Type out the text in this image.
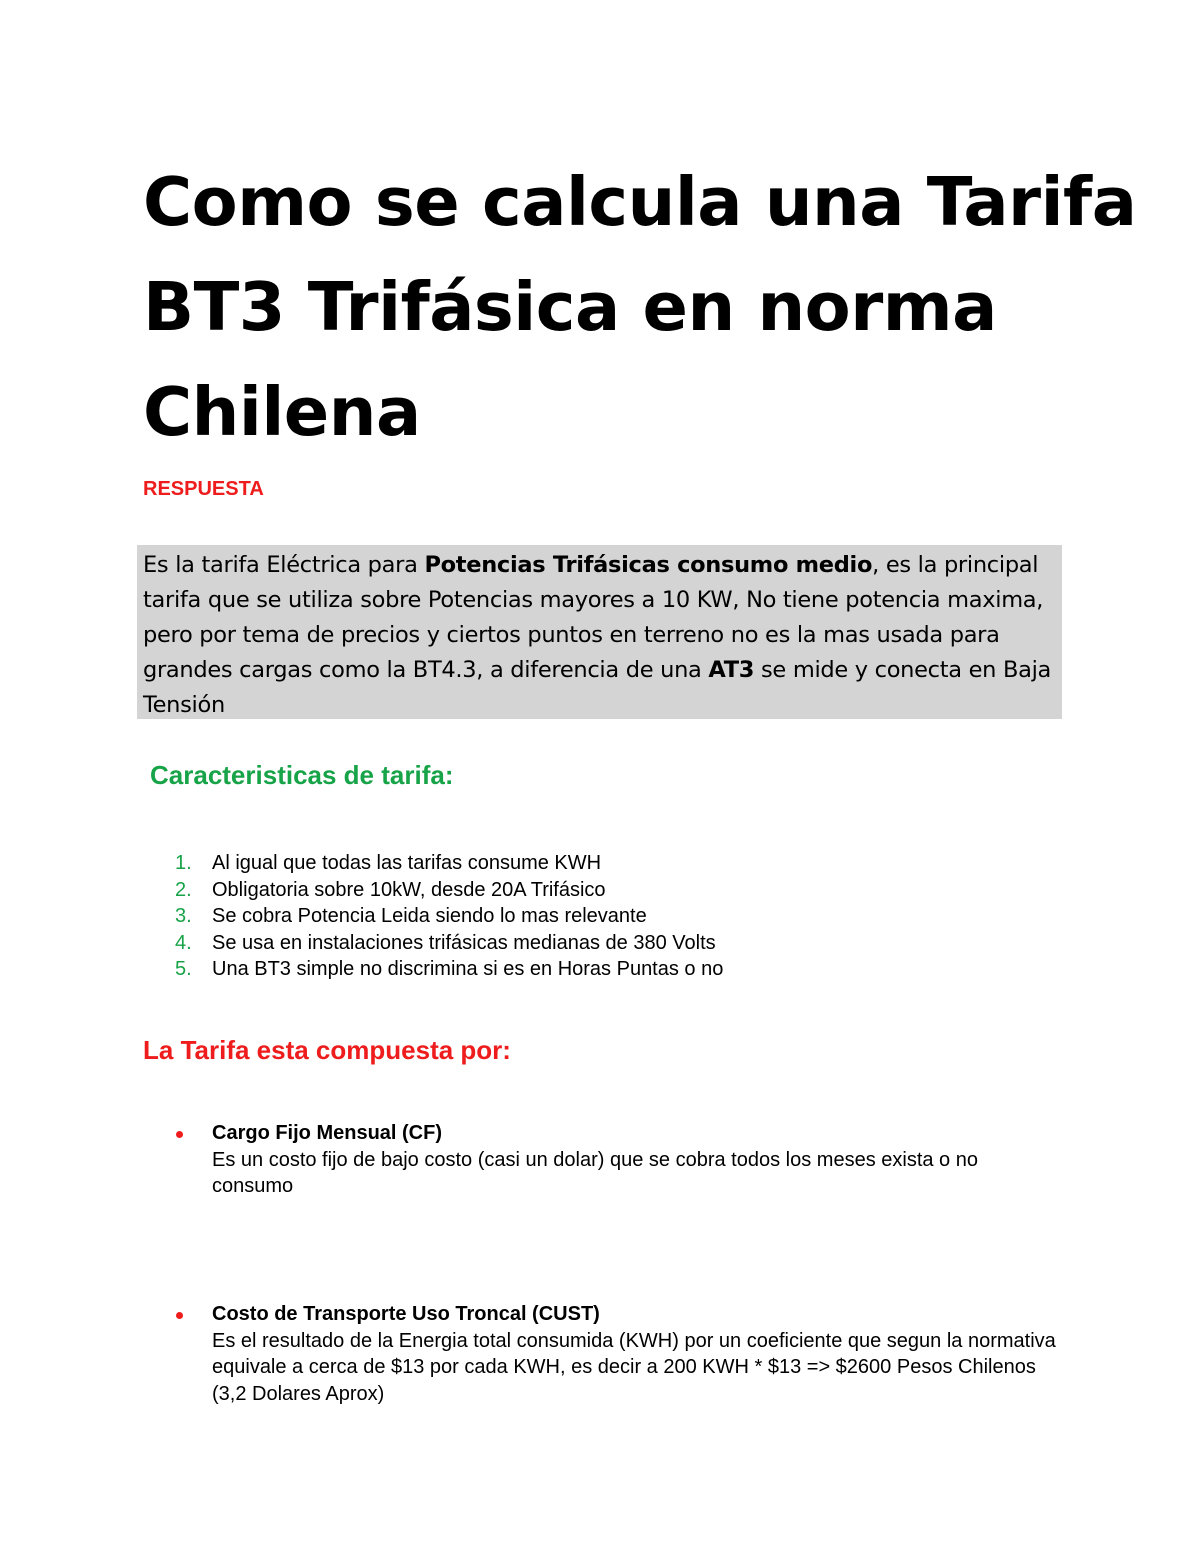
Como se calcula una Tarifa BT3 Trifásica en norma Chilena
RESPUESTA

Es la tarifa Eléctrica para Potencias Trifásicas consumo medio, es la principal tarifa que se utiliza sobre Potencias mayores a 10 KW, No tiene potencia maxima, pero por tema de precios y ciertos puntos en terreno no es la mas usada para grandes cargas como la BT4.3, a diferencia de una AT3 se mide y conecta en Baja Tensión

Caracteristicas de tarifa:
1. Al igual que todas las tarifas consume KWH
2. Obligatoria sobre 10kW, desde 20A Trifásico
3. Se cobra Potencia Leida siendo lo mas relevante
4. Se usa en instalaciones trifásicas medianas de 380 Volts
5. Una BT3 simple no discrimina si es en Horas Puntas o no
La Tarifa esta compuesta por:
Cargo Fijo Mensual (CF)
Es un costo fijo de bajo costo (casi un dolar) que se cobra todos los meses exista o no consumo
Costo de Transporte Uso Troncal (CUST)
Es el resultado de la Energia total consumida (KWH) por un coeficiente que segun la normativa equivale a cerca de $13 por cada KWH, es decir a 200 KWH * $13 => $2600 Pesos Chilenos (3,2 Dolares Aprox)
